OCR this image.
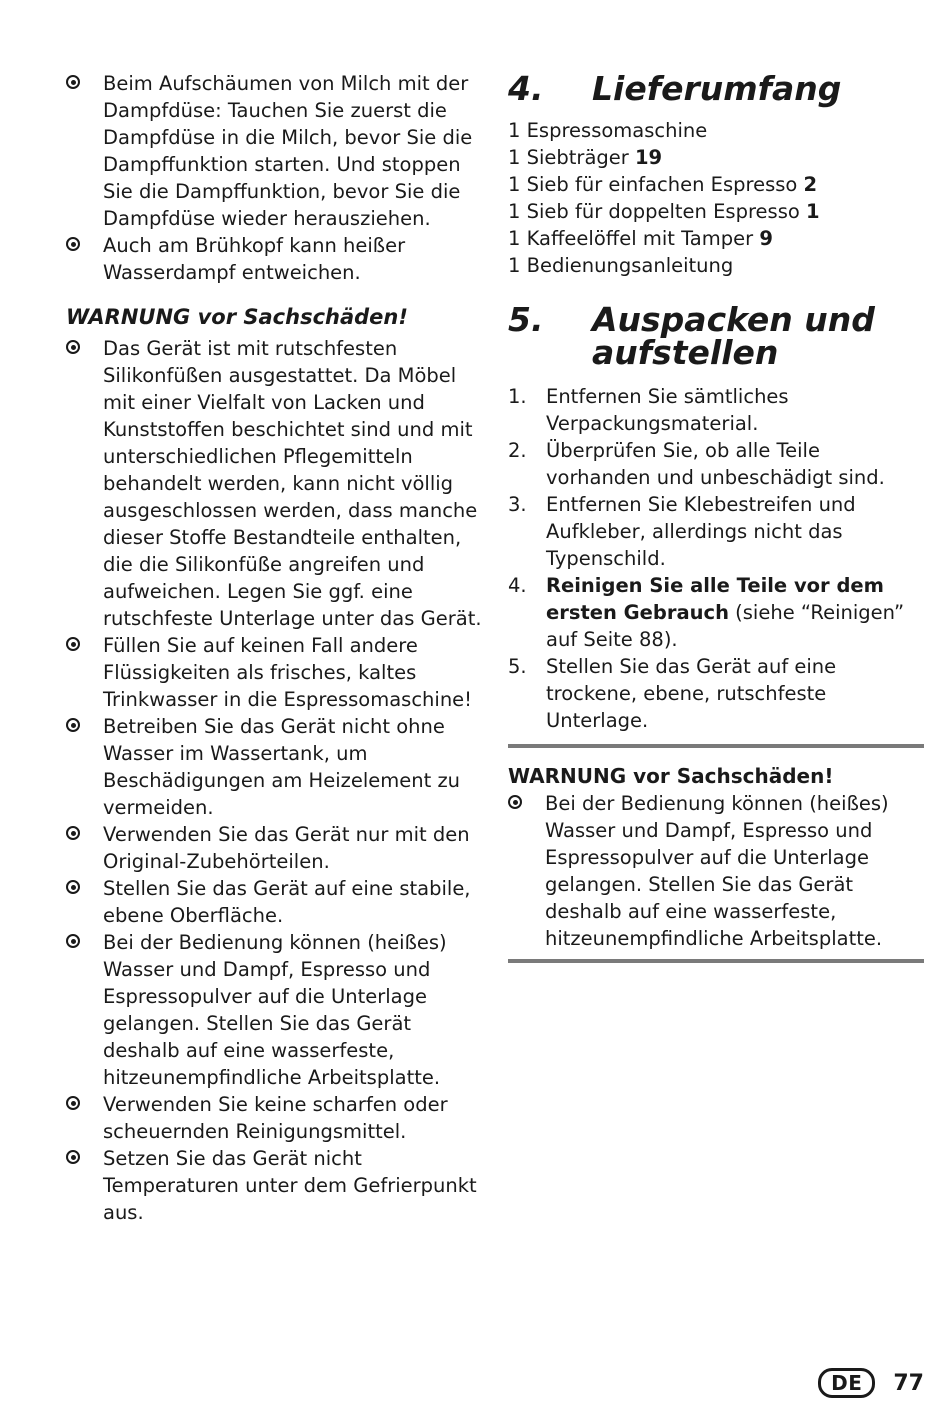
Beim Aufschäumen von Milch mit der Dampfdüse: Tauchen Sie zuerst die Dampfdüse in die Milch, bevor Sie die Dampffunktion starten. Und stoppen Sie die Dampffunktion, bevor Sie die Dampfdüse wieder herausziehen.
Auch am Brühkopf kann heißer Wasserdampf entweichen.
WARNUNG vor Sachschäden!
Das Gerät ist mit rutschfesten Silikonfüßen ausgestattet. Da Möbel mit einer Vielfalt von Lacken und Kunststoffen beschichtet sind und mit unterschiedlichen Pflegemitteln behandelt werden, kann nicht völlig ausgeschlossen werden, dass manche dieser Stoffe Bestandteile enthalten, die die Silikonfüße angreifen und aufweichen. Legen Sie ggf. eine rutschfeste Unterlage unter das Gerät.
Füllen Sie auf keinen Fall andere Flüssigkeiten als frisches, kaltes Trinkwasser in die Espressomaschine!
Betreiben Sie das Gerät nicht ohne Wasser im Wassertank, um Beschädigungen am Heizelement zu vermeiden.
Verwenden Sie das Gerät nur mit den Original-Zubehörteilen.
Stellen Sie das Gerät auf eine stabile, ebene Oberfläche.
Bei der Bedienung können (heißes) Wasser und Dampf, Espresso und Espressopulver auf die Unterlage gelangen. Stellen Sie das Gerät deshalb auf eine wasserfeste, hitzeunempfindliche Arbeitsplatte.
Verwenden Sie keine scharfen oder scheuernden Reinigungsmittel.
Setzen Sie das Gerät nicht Temperaturen unter dem Gefrierpunkt aus.
4. Lieferumfang
1 Espressomaschine
1 Siebträger 19
1 Sieb für einfachen Espresso 2
1 Sieb für doppelten Espresso 1
1 Kaffeelöffel mit Tamper 9
1 Bedienungsanleitung
5. Auspacken und
aufstellen
1. Entfernen Sie sämtliches Verpackungsmaterial.
2. Überprüfen Sie, ob alle Teile vorhanden und unbeschädigt sind.
3. Entfernen Sie Klebestreifen und Aufkleber, allerdings nicht das Typenschild.
4. Reinigen Sie alle Teile vor dem ersten Gebrauch (siehe “Reinigen” auf Seite 88).
5. Stellen Sie das Gerät auf eine trockene, ebene, rutschfeste Unterlage.
WARNUNG vor Sachschäden!
Bei der Bedienung können (heißes) Wasser und Dampf, Espresso und Espressopulver auf die Unterlage gelangen. Stellen Sie das Gerät deshalb auf eine wasserfeste, hitzeunempfindliche Arbeitsplatte.
DE	77
